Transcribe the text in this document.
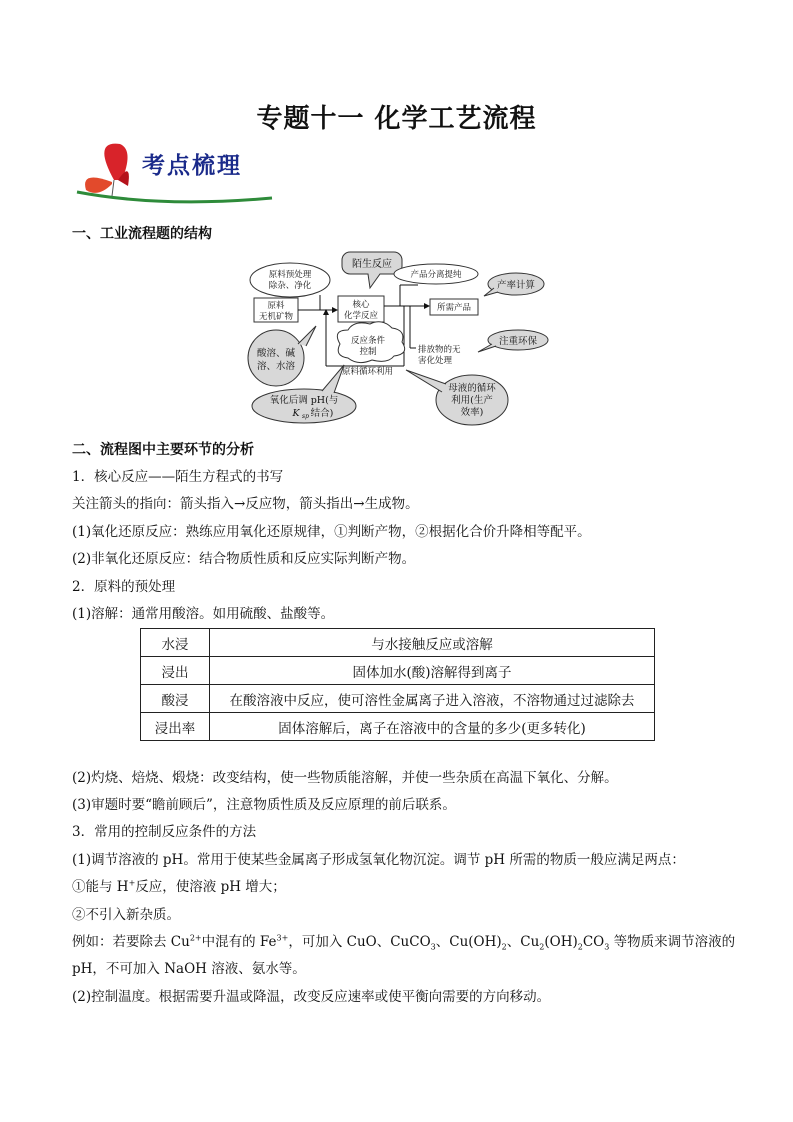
专题十一 化学工艺流程
考点梳理
一、工业流程题的结构
原料预处理
除杂、净化
陌生反应
产品分离提纯
产率计算
原料
无机矿物
核心
化学反应
所需产品
排放物的无
害化处理
原料循环利用
注重环保
酸溶、碱
溶、水溶
反应条件
控制
氧化后调 pH(与
K sp 结合)
母液的循环
利用(生产
效率)
二、流程图中主要环节的分析
1．核心反应——陌生方程式的书写
关注箭头的指向：箭头指入→反应物，箭头指出→生成物。
(1)氧化还原反应：熟练应用氧化还原规律，①判断产物，②根据化合价升降相等配平。
(2)非氧化还原反应：结合物质性质和反应实际判断产物。
2．原料的预处理
(1)溶解：通常用酸溶。如用硫酸、盐酸等。
水浸	与水接触反应或溶解
浸出	固体加水(酸)溶解得到离子
酸浸	在酸溶液中反应，使可溶性金属离子进入溶液，不溶物通过过滤除去
浸出率	固体溶解后，离子在溶液中的含量的多少(更多转化)
(2)灼烧、焙烧、煅烧：改变结构，使一些物质能溶解，并使一些杂质在高温下氧化、分解。
(3)审题时要“瞻前顾后”，注意物质性质及反应原理的前后联系。
3．常用的控制反应条件的方法
(1)调节溶液的 pH。常用于使某些金属离子形成氢氧化物沉淀。调节 pH 所需的物质一般应满足两点：
①能与 H+反应，使溶液 pH 增大；
②不引入新杂质。
例如：若要除去 $Cu^{2+}$中混有的 $Fe^{3+}$，可加入 CuO、CuCO$_3$、$Cu(OH)_2$、$Cu_2(OH)_2CO_3$ 等物质来调节溶液的
pH，不可加入 NaOH 溶液、氨水等。
(2)控制温度。根据需要升温或降温，改变反应速率或使平衡向需要的方向移动。
